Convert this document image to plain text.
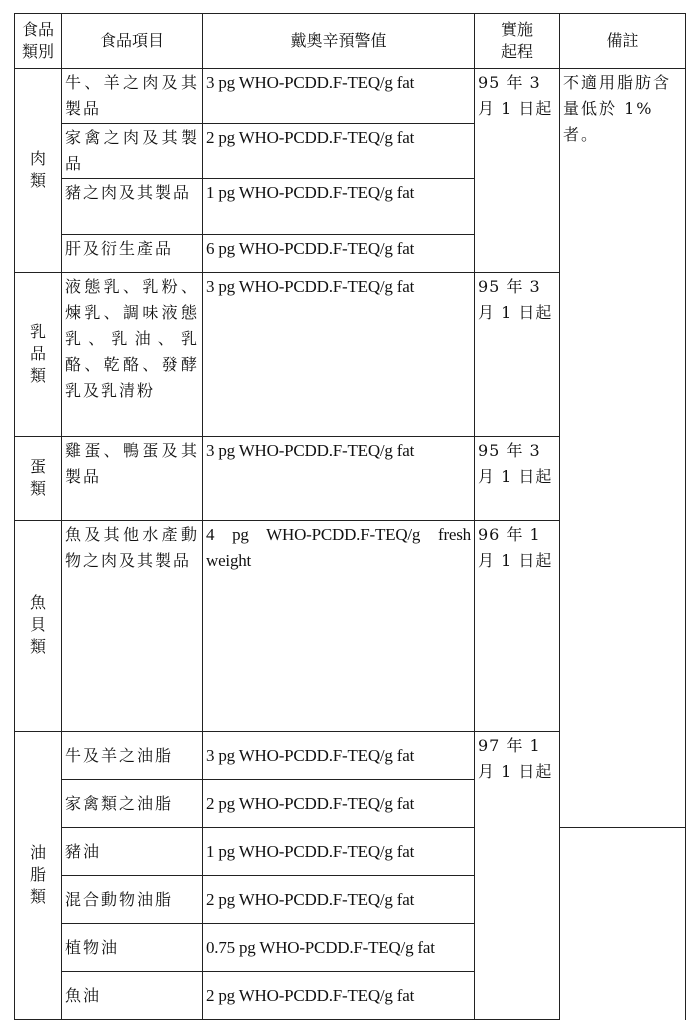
食品類別	食品項目	戴奧辛預警值	實施起程	備註	
肉類	牛、羊之肉及其製品	3 pg WHO-PCDD.F-TEQ/g fat	95 年 3 月 1 日起	不適用脂肪含量低於 1%者。	
	家禽之肉及其製品	2 pg WHO-PCDD.F-TEQ/g fat			
	豬之肉及其製品	1 pg WHO-PCDD.F-TEQ/g fat			
	肝及衍生產品	6 pg WHO-PCDD.F-TEQ/g fat			
乳品類	液態乳、乳粉、煉乳、調味液態乳、乳油、乳酪、乾酪、發酵乳及乳清粉	3 pg WHO-PCDD.F-TEQ/g fat	95 年 3 月 1 日起		
蛋類	雞蛋、鴨蛋及其製品	3 pg WHO-PCDD.F-TEQ/g fat	95 年 3 月 1 日起		
魚貝類	魚及其他水產動物之肉及其製品	4 pg WHO-PCDD.F-TEQ/g fresh weight	96 年 1 月 1 日起	
油脂類	牛及羊之油脂	3 pg WHO-PCDD.F-TEQ/g fat	97 年 1 月 1 日起		
	家禽類之油脂	2 pg WHO-PCDD.F-TEQ/g fat			
	豬油	1 pg WHO-PCDD.F-TEQ/g fat			
	混合動物油脂	2 pg WHO-PCDD.F-TEQ/g fat			
	植物油	0.75 pg WHO-PCDD.F-TEQ/g fat			
	魚油	2 pg WHO-PCDD.F-TEQ/g fat			
